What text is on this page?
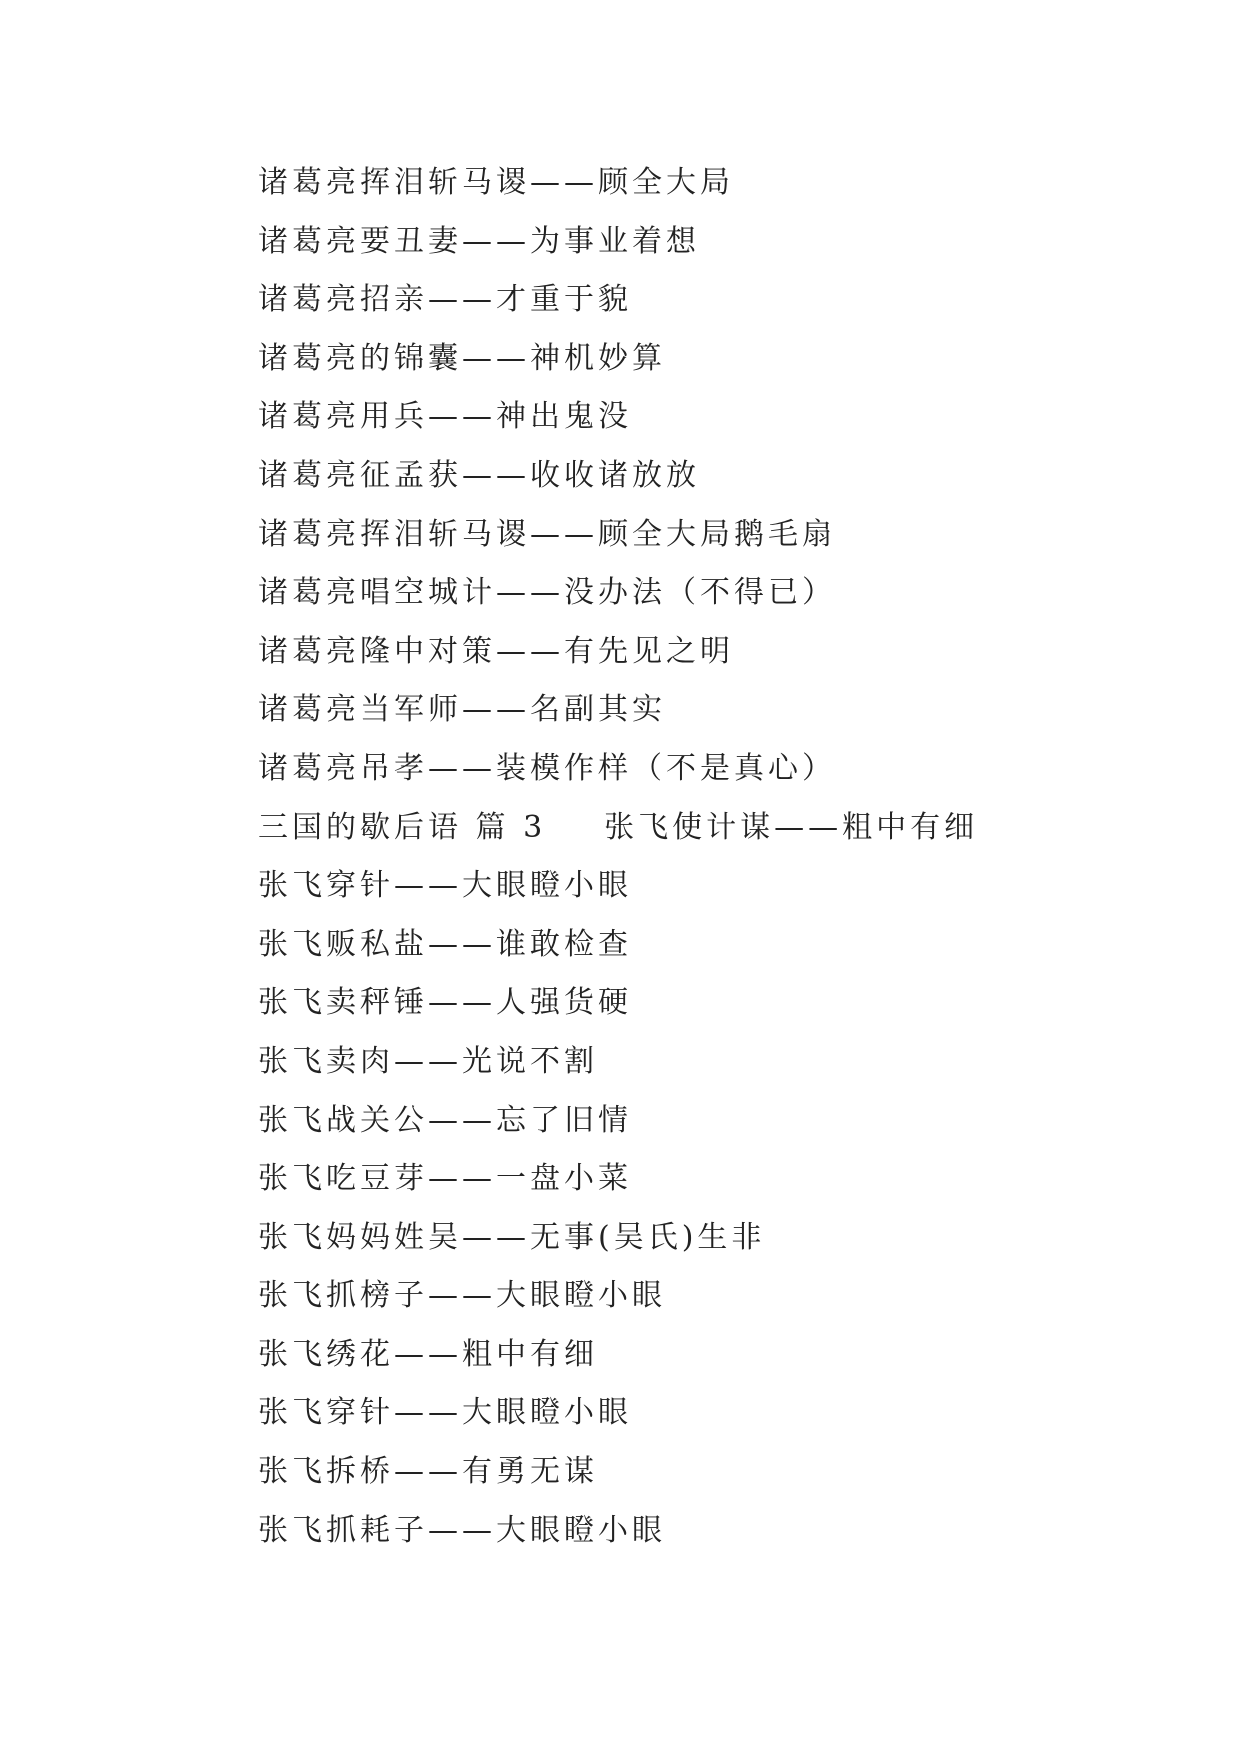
诸葛亮挥泪斩马谡——顾全大局
诸葛亮要丑妻——为事业着想
诸葛亮招亲——才重于貌
诸葛亮的锦囊——神机妙算
诸葛亮用兵——神出鬼没
诸葛亮征孟获——收收诸放放
诸葛亮挥泪斩马谡——顾全大局鹅毛扇
诸葛亮唱空城计——没办法（不得已）
诸葛亮隆中对策——有先见之明
诸葛亮当军师——名副其实
诸葛亮吊孝——装模作样（不是真心）
三国的歇后语 篇 3 张飞使计谋——粗中有细
张飞穿针——大眼瞪小眼
张飞贩私盐——谁敢检查
张飞卖秤锤——人强货硬
张飞卖肉——光说不割
张飞战关公——忘了旧情
张飞吃豆芽——一盘小菜
张飞妈妈姓吴——无事(吴氏)生非
张飞抓榜子——大眼瞪小眼
张飞绣花——粗中有细
张飞穿针——大眼瞪小眼
张飞拆桥——有勇无谋
张飞抓耗子——大眼瞪小眼
